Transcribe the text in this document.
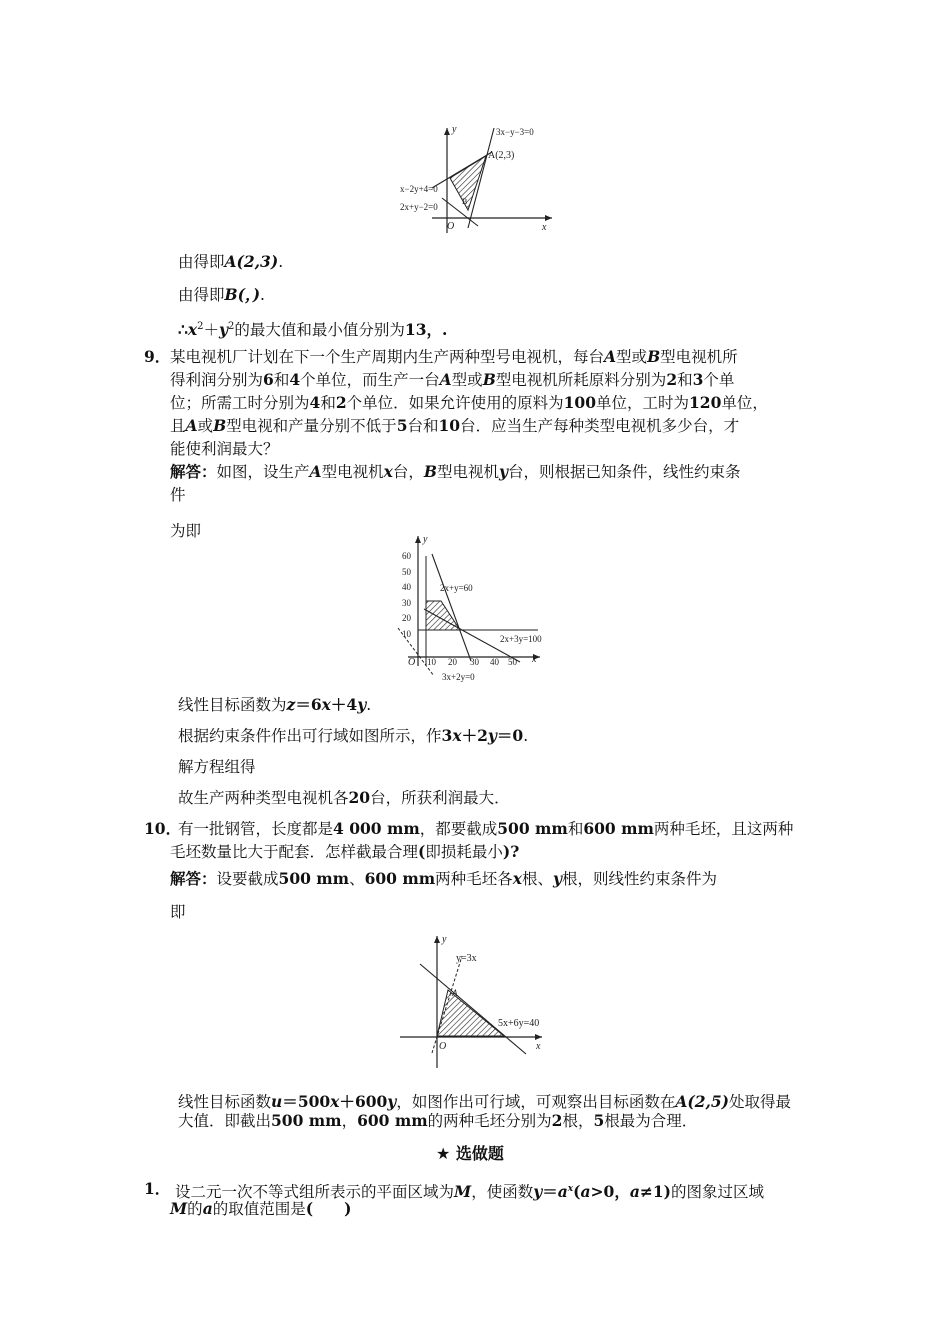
y
x
O
3x−y−3=0
A(2,3)
x−2y+4=0
2x+y−2=0
B
由得即A(2,3).
由得即B(，).
$\therefore x^2+y^2$的最大值和最小值分别为13，.
9． 某电视机厂计划在下一个生产周期内生产两种型号电视机，每台A型或B型电视机所
得利润分别为6和4个单位，而生产一台A型或B型电视机所耗原料分别为2和3个单
位；所需工时分别为4和2个单位．如果允许使用的原料为100单位，工时为120单位，
且A或B型电视和产量分别不低于5台和10台．应当生产每种类型电视机多少台，才
能使利润最大？
解答：如图，设生产A型电视机x台，B型电视机y台，则根据已知条件，线性约束条
件
为即
60
50
40
30
20
10
10 20 30 40 50
y
x
O
2x+y=60
2x+3y=100
3x+2y=0
线性目标函数为z＝6x＋4y.
根据约束条件作出可行域如图所示，作3x＋2y＝0.
解方程组得
故生产两种类型电视机各20台，所获利润最大．
10．
有一批钢管，长度都是4 000 mm，都要截成500 mm和600 mm两种毛坯，且这两种
毛坯数量比大于配套．怎样截最合理(即损耗最小)?
解答：设要截成500 mm、600 mm两种毛坯各x根、y根，则线性约束条件为
即
y
x
O
y=3x
A
5x+6y=40
线性目标函数u＝500x＋600y，如图作出可行域，可观察出目标函数在A(2,5)处取得最
大值．即截出500 mm，600 mm的两种毛坯分别为2根，5根最为合理．
★ 选做题
1． 设二元一次不等式组所表示的平面区域为M，使函数$y=a^x(a>0$，a≠1)的图象过区域
M的a的取值范围是(　　)
